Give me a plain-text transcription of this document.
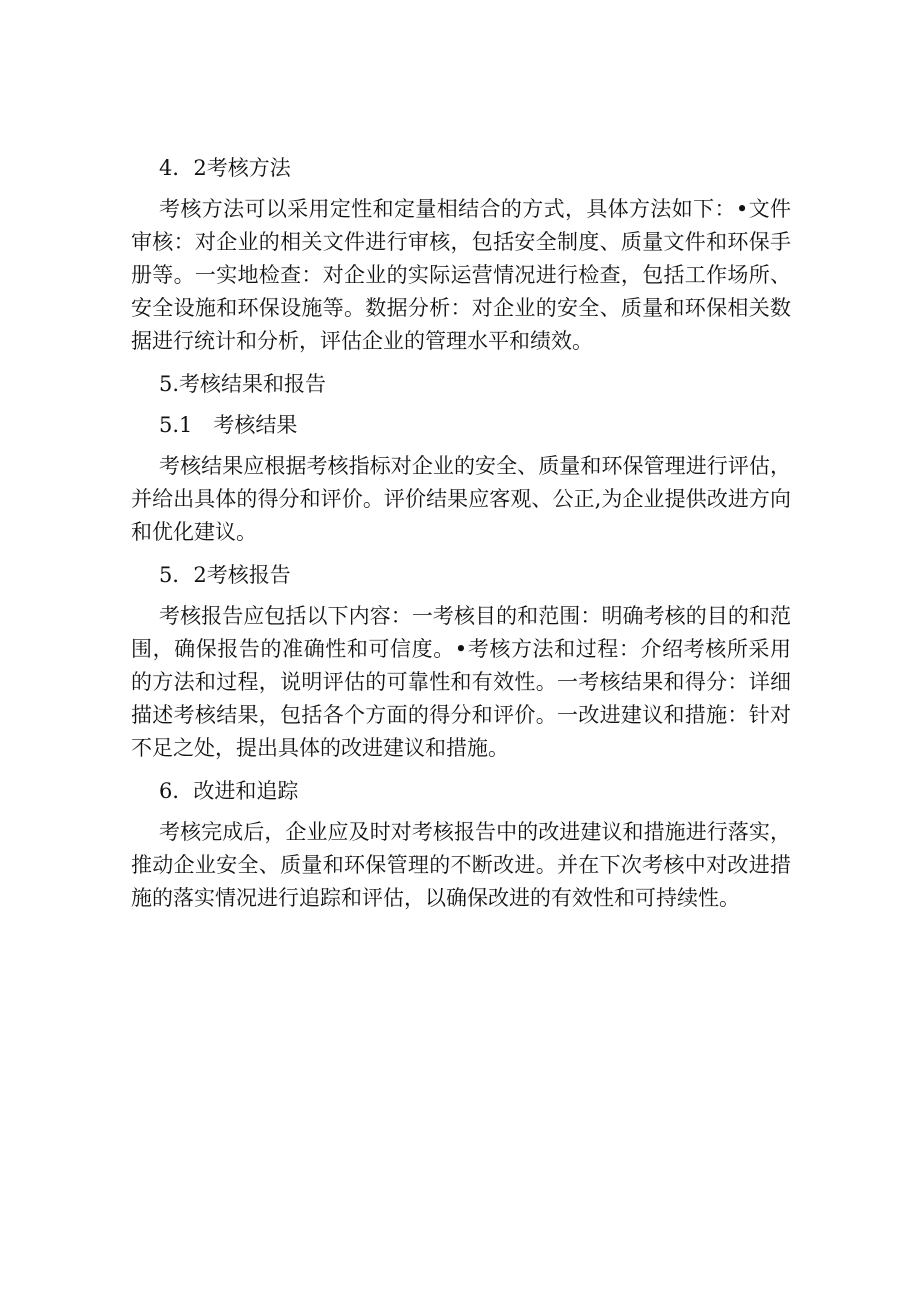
4．2考核方法

考核方法可以采用定性和定量相结合的方式，具体方法如下：•文件审核：对企业的相关文件进行审核，包括安全制度、质量文件和环保手册等。一实地检查：对企业的实际运营情况进行检查，包括工作场所、安全设施和环保设施等。数据分析：对企业的安全、质量和环保相关数据进行统计和分析，评估企业的管理水平和绩效。

5.考核结果和报告
5.1　考核结果

考核结果应根据考核指标对企业的安全、质量和环保管理进行评估，并给出具体的得分和评价。评价结果应客观、公正,为企业提供改进方向和优化建议。

5．2考核报告

考核报告应包括以下内容：一考核目的和范围：明确考核的目的和范围，确保报告的准确性和可信度。•考核方法和过程：介绍考核所采用的方法和过程，说明评估的可靠性和有效性。一考核结果和得分：详细描述考核结果，包括各个方面的得分和评价。一改进建议和措施：针对不足之处，提出具体的改进建议和措施。

6．改进和追踪

考核完成后，企业应及时对考核报告中的改进建议和措施进行落实，推动企业安全、质量和环保管理的不断改进。并在下次考核中对改进措施的落实情况进行追踪和评估，以确保改进的有效性和可持续性。
